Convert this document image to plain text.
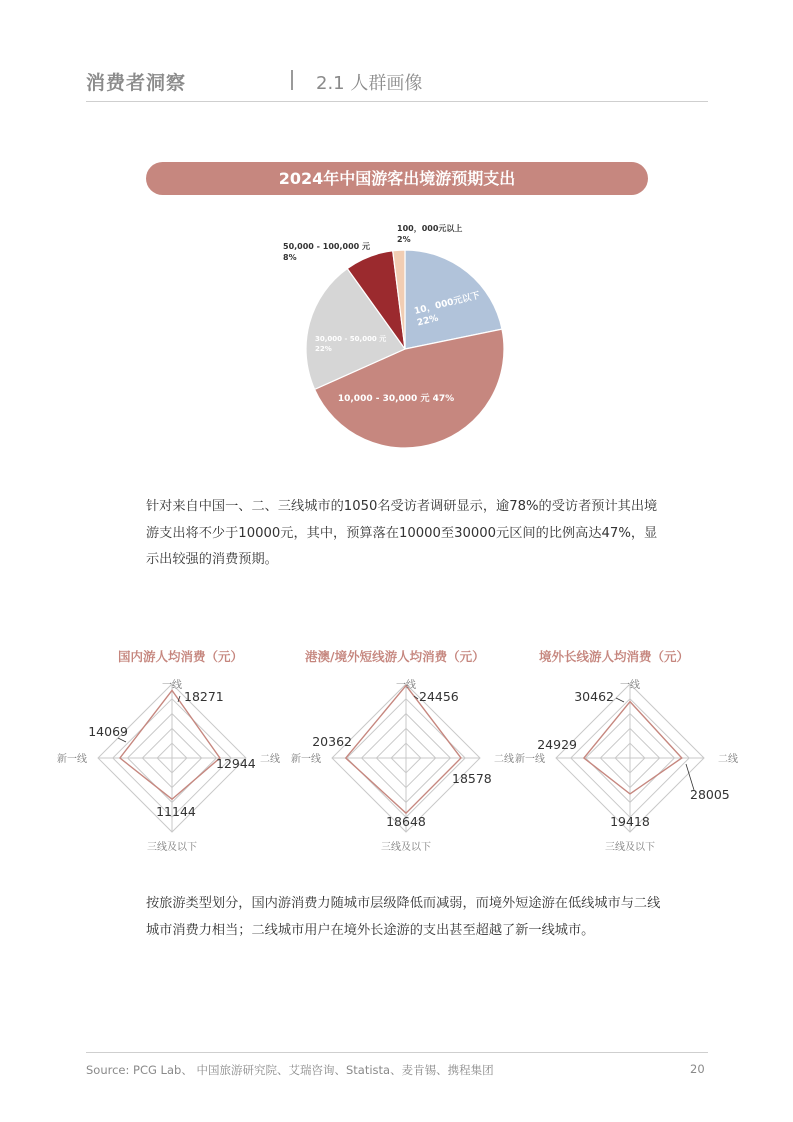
消费者洞察	2.1 人群画像
2024年中国游客出境游预期支出
10，000元以下
22%
10,000 - 30,000 元 47%
30,000 - 50,000 元
22%
50,000 - 100,000 元
8%
100，000元以上
2%
针对来自中国一、二、三线城市的1050名受访者调研显示，逾78%的受访者预计其出境游支出将不少于10000元，其中，预算落在10000至30000元区间的比例高达47%，显示出较强的消费预期。
国内游人均消费（元）	港澳/境外短线游人均消费（元）	境外长线游人均消费（元）
一线
二线
三线及以下
新一线
18271
12944
11144
14069
一线
二线
三线及以下
新一线
24456
18578
18648
20362
一线
二线
三线及以下
新一线
30462
28005
19418
24929
按旅游类型划分，国内游消费力随城市层级降低而减弱，而境外短途游在低线城市与二线城市消费力相当；二线城市用户在境外长途游的支出甚至超越了新一线城市。
Source: PCG Lab、 中国旅游研究院、艾瑞咨询、Statista、麦肯锡、携程集团	20
